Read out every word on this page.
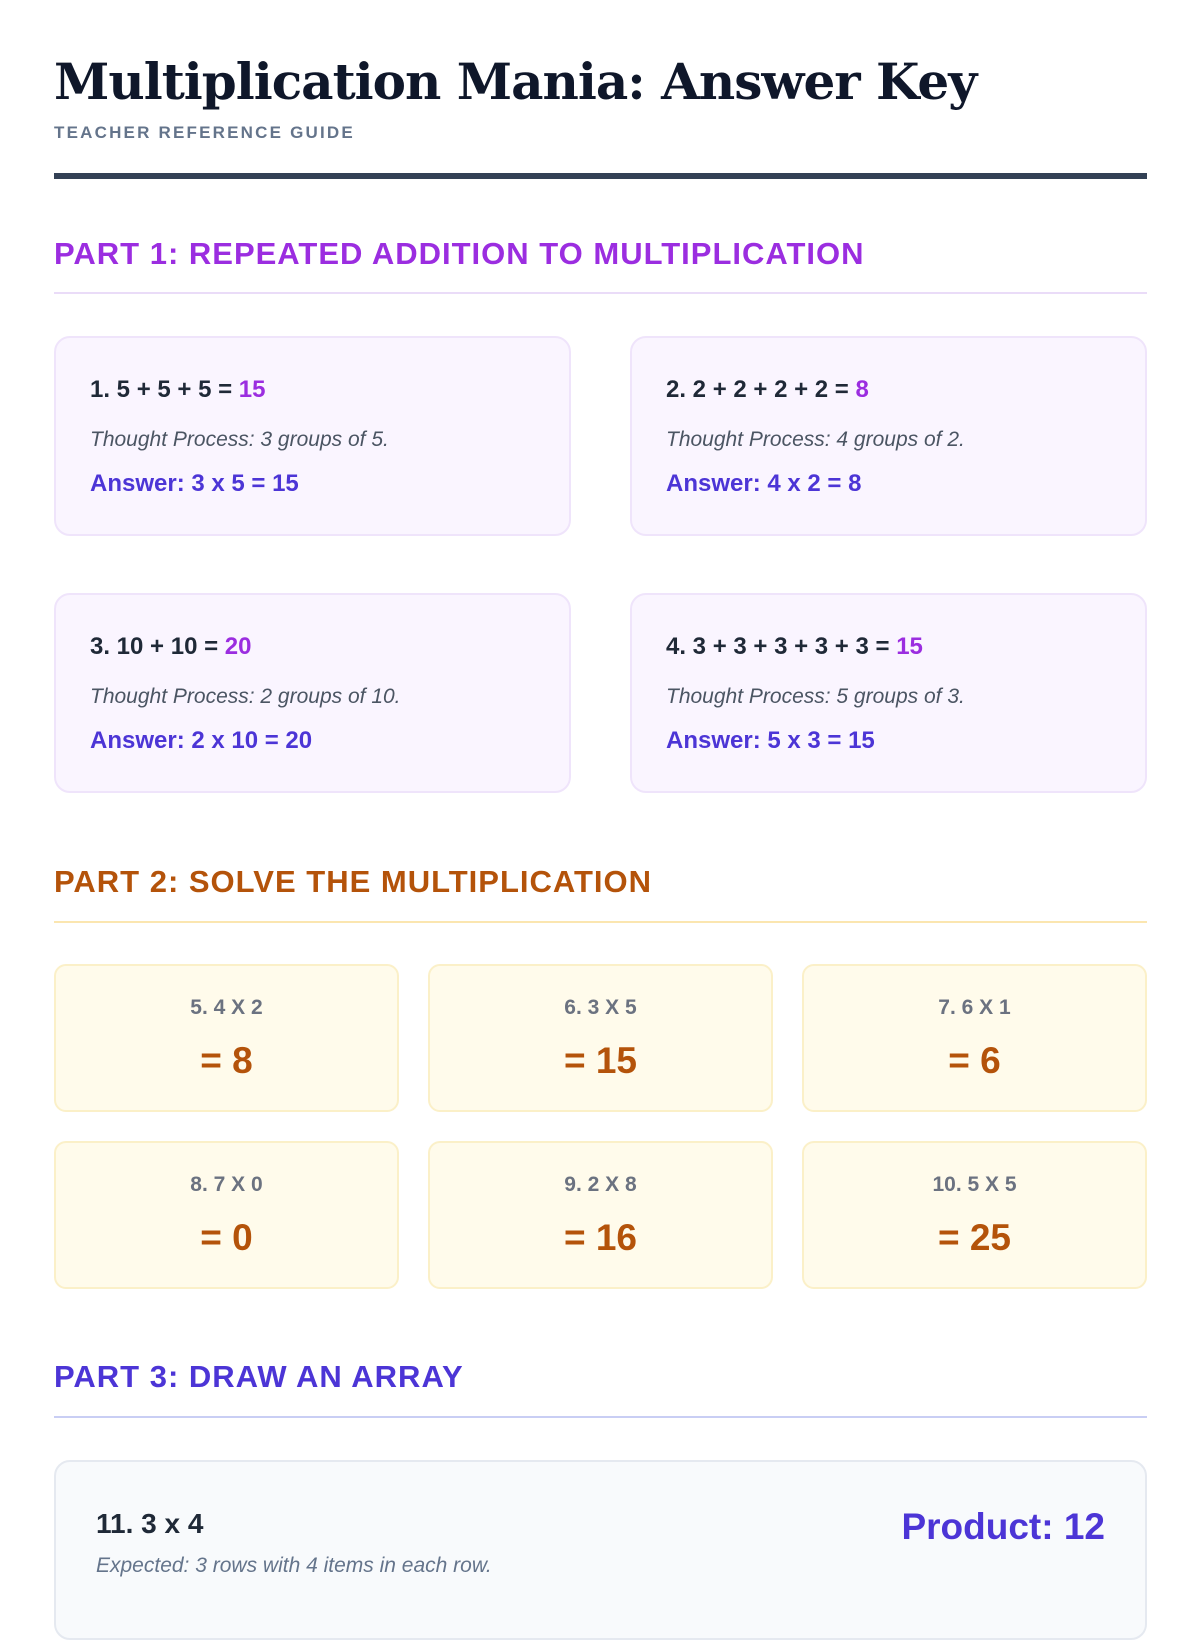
Multiplication Mania: Answer Key
TEACHER REFERENCE GUIDE
PART 1: REPEATED ADDITION TO MULTIPLICATION
1. 5 + 5 + 5 = 15
Thought Process: 3 groups of 5.
Answer: 3 x 5 = 15
2. 2 + 2 + 2 + 2 = 8
Thought Process: 4 groups of 2.
Answer: 4 x 2 = 8
3. 10 + 10 = 20
Thought Process: 2 groups of 10.
Answer: 2 x 10 = 20
4. 3 + 3 + 3 + 3 + 3 = 15
Thought Process: 5 groups of 3.
Answer: 5 x 3 = 15
PART 2: SOLVE THE MULTIPLICATION
5. 4 X 2
= 8
6. 3 X 5
= 15
7. 6 X 1
= 6
8. 7 X 0
= 0
9. 2 X 8
= 16
10. 5 X 5
= 25
PART 3: DRAW AN ARRAY
11. 3 x 4
Expected: 3 rows with 4 items in each row.
Product: 12
